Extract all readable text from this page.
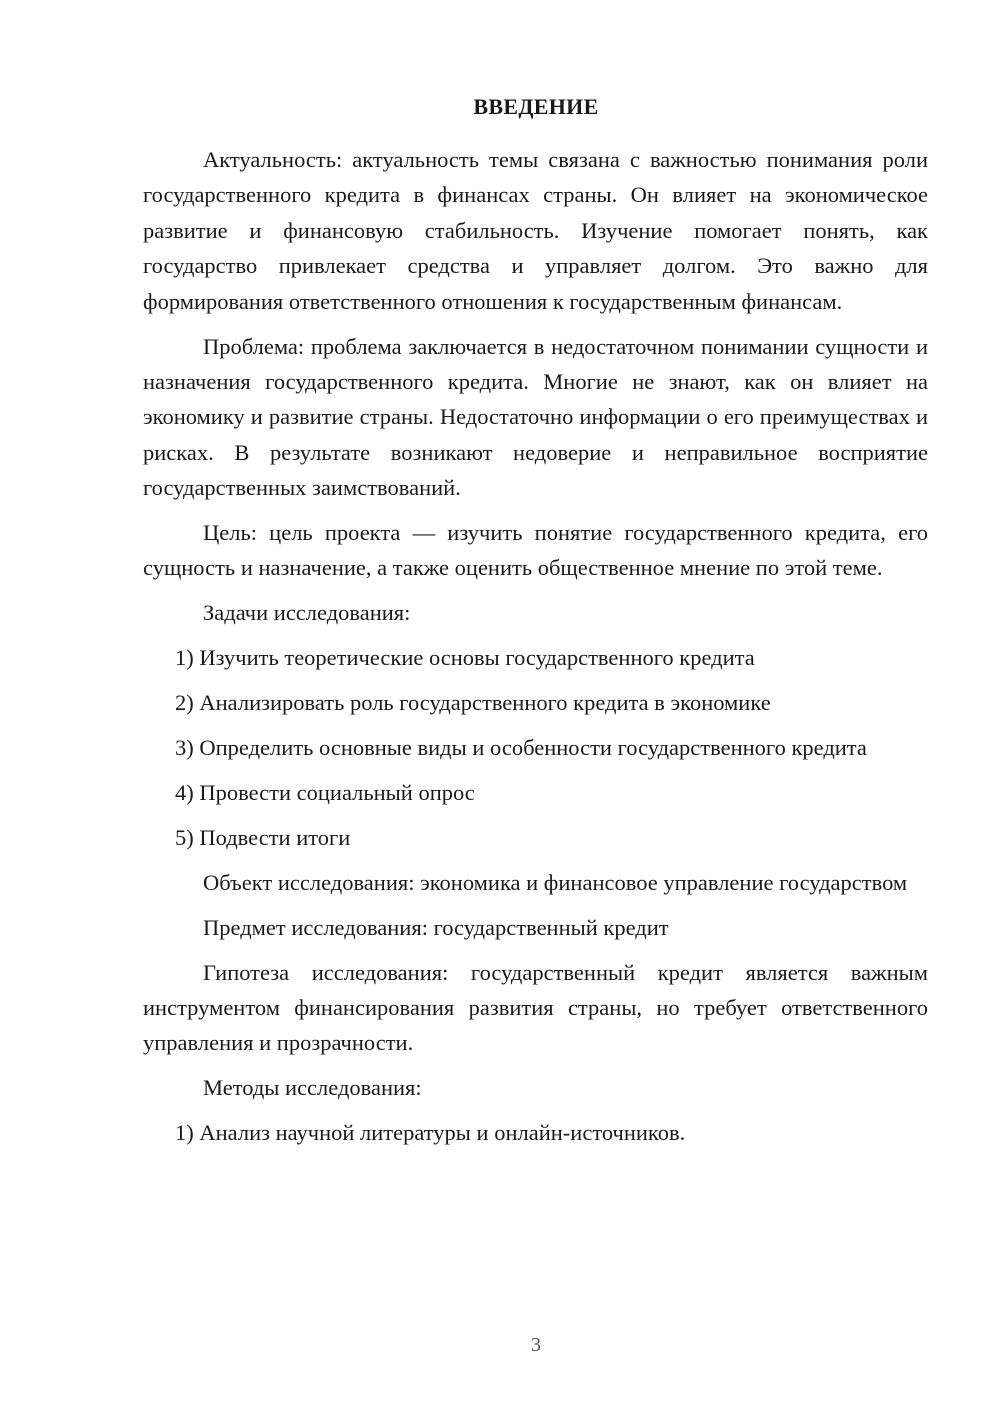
ВВЕДЕНИЕ

Актуальность: актуальность темы связана с важностью понимания роли государственного кредита в финансах страны. Он влияет на экономическое развитие и финансовую стабильность. Изучение помогает понять, как государство привлекает средства и управляет долгом. Это важно для формирования ответственного отношения к государственным финансам.

Проблема: проблема заключается в недостаточном понимании сущности и назначения государственного кредита. Многие не знают, как он влияет на экономику и развитие страны. Недостаточно информации о его преимуществах и рисках. В результате возникают недоверие и неправильное восприятие государственных заимствований.

Цель: цель проекта — изучить понятие государственного кредита, его сущность и назначение, а также оценить общественное мнение по этой теме.

Задачи исследования:

1) Изучить теоретические основы государственного кредита

2) Анализировать роль государственного кредита в экономике

3) Определить основные виды и особенности государственного кредита

4) Провести социальный опрос

5) Подвести итоги

Объект исследования: экономика и финансовое управление государством

Предмет исследования: государственный кредит

Гипотеза исследования: государственный кредит является важным инструментом финансирования развития страны, но требует ответственного управления и прозрачности.

Методы исследования:

1) Анализ научной литературы и онлайн-источников.

3
